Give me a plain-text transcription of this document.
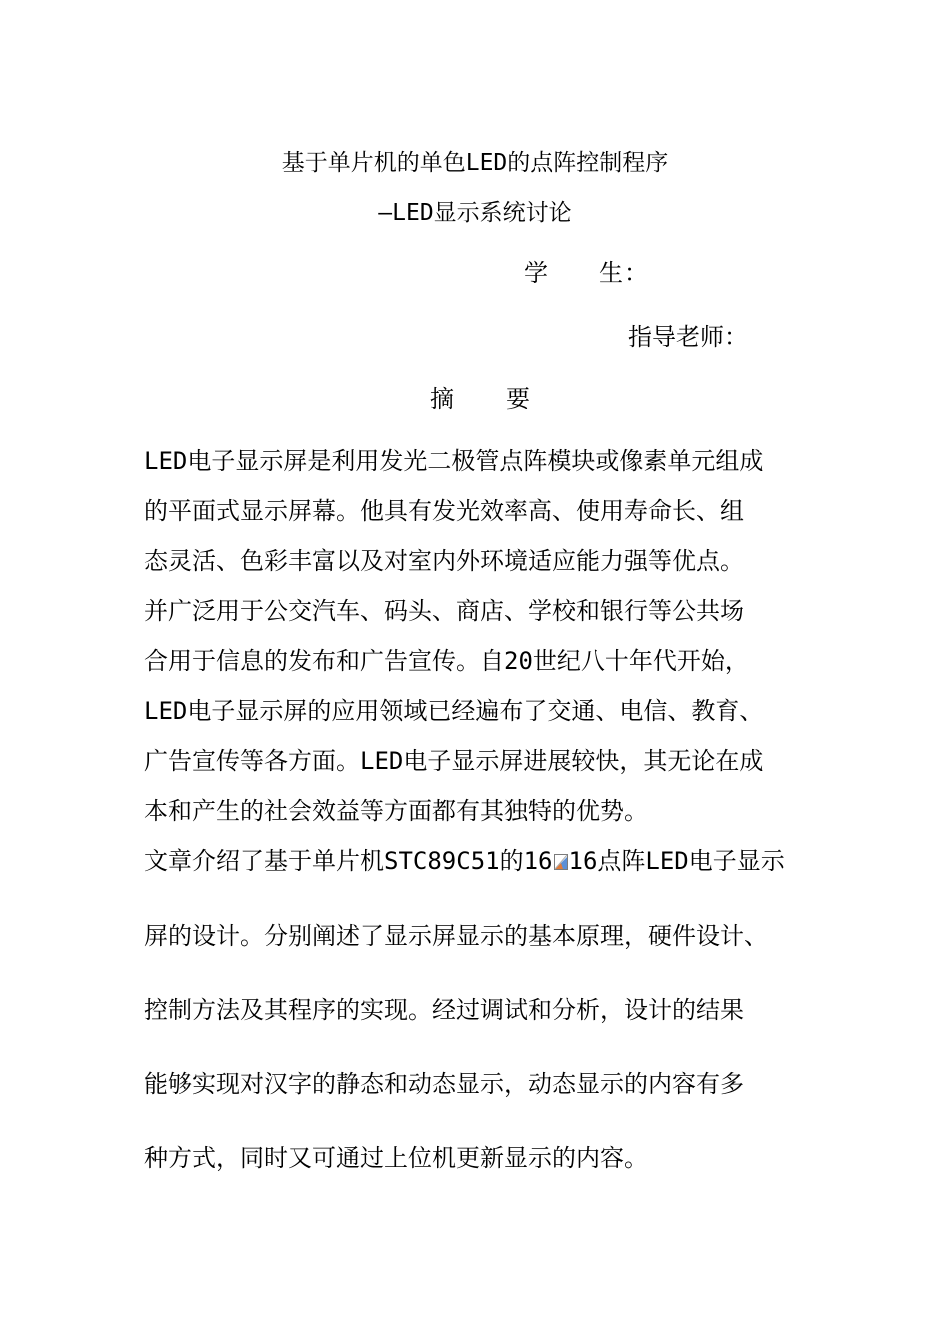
基于单片机的单色LED的点阵控制程序
—LED显示系统讨论
学 生：
指导老师：
摘 要
LED电子显示屏是利用发光二极管点阵模块或像素单元组成
的平面式显示屏幕。他具有发光效率高、使用寿命长、组
态灵活、色彩丰富以及对室内外环境适应能力强等优点。
并广泛用于公交汽车、码头、商店、学校和银行等公共场
合用于信息的发布和广告宣传。自20世纪八十年代开始，
LED电子显示屏的应用领域已经遍布了交通、电信、教育、
广告宣传等各方面。LED电子显示屏进展较快，其无论在成
本和产生的社会效益等方面都有其独特的优势。
文章介绍了基于单片机STC89C51的16 16点阵LED电子显示
屏的设计。分别阐述了显示屏显示的基本原理，硬件设计、
控制方法及其程序的实现。经过调试和分析，设计的结果
能够实现对汉字的静态和动态显示，动态显示的内容有多
种方式，同时又可通过上位机更新显示的内容。
